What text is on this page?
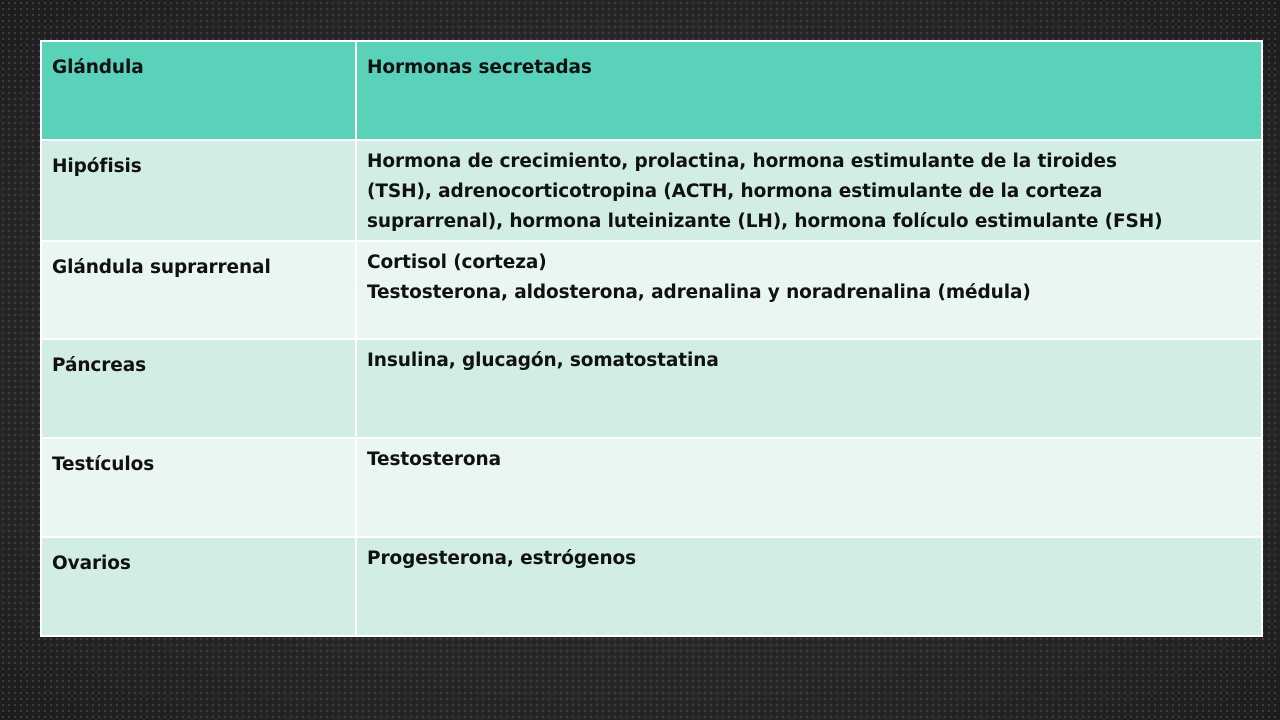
Glándula	Hormonas secretadas
Hipófisis	Hormona de crecimiento, prolactina, hormona estimulante de la tiroides
(TSH), adrenocorticotropina (ACTH, hormona estimulante de la corteza
suprarrenal), hormona luteinizante (LH), hormona folículo estimulante (FSH)

Glándula suprarrenal	Cortisol (corteza)
Testosterona, aldosterona, adrenalina y noradrenalina (médula)

Páncreas	Insulina, glucagón, somatostatina

Testículos	Testosterona

Ovarios	Progesterona, estrógenos
